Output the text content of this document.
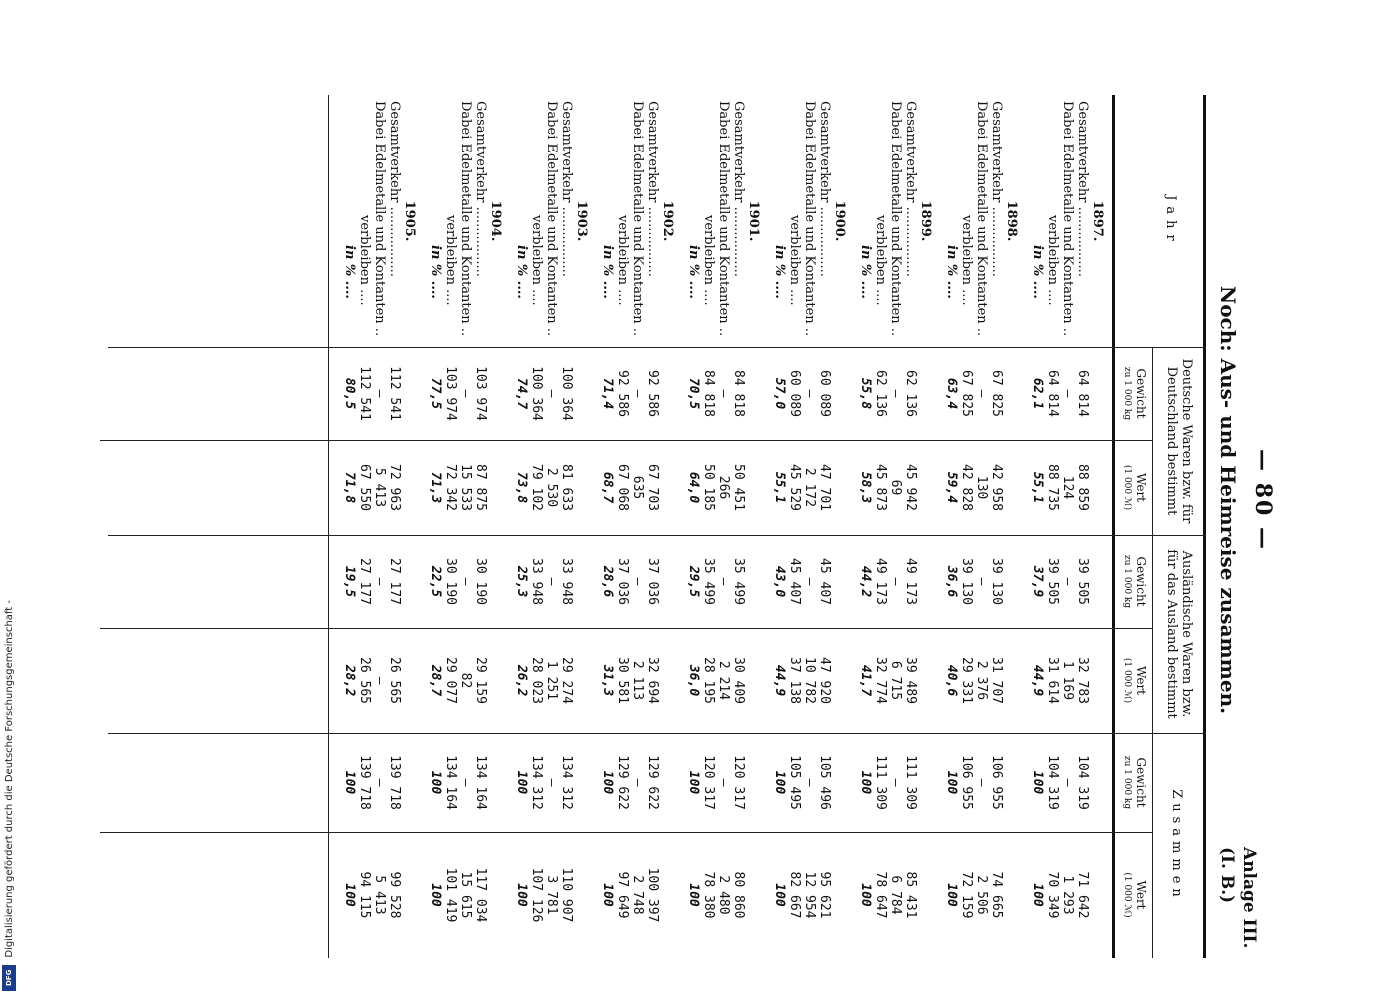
— 80 —
Anlage III.
(I. B.)
Noch: Aus- und Heimreise zusammen.
Jahr
Deutsche Waren bzw. für Deutschland bestimmt
Ausländische Waren bzw. für das Ausland bestimmt
Zusammen
Gewicht
zu 1 000 kg
Wert
(1 000 ℳ)
Gewicht
zu 1 000 kg
Wert
(1 000 ℳ)
Gewicht
zu 1 000 kg
Wert
(1 000 ℳ)
1897.
Gesamtverkehr .................
64 814
88 859
39 505
32 783
104 319
71 642
Dabei Edelmetalle und Kontanten ..
—
124
—
1 169
—
1 293
verbleiben ....
64 814
88 735
39 505
31 614
104 319
70 349
in % ....
62,1
55,1
37,9
44,9
100
100
1898.
Gesamtverkehr .................
67 825
42 958
39 130
31 707
106 955
74 665
Dabei Edelmetalle und Kontanten ..
—
130
—
2 376
—
2 506
verbleiben ....
67 825
42 828
39 130
29 331
106 955
72 159
in % ....
63,4
59,4
36,6
40,6
100
100
1899.
Gesamtverkehr .................
62 136
45 942
49 173
39 489
111 309
85 431
Dabei Edelmetalle und Kontanten ..
—
69
—
6 715
—
6 784
verbleiben ....
62 136
45 873
49 173
32 774
111 309
78 647
in % ....
55,8
58,3
44,2
41,7
100
100
1900.
Gesamtverkehr .................
60 089
47 701
45 407
47 920
105 496
95 621
Dabei Edelmetalle und Kontanten ..
—
2 172
—
10 782
—
12 954
verbleiben ....
60 089
45 529
45 407
37 138
105 495
82 667
in % ....
57,0
55,1
43,0
44,9
100
100
1901.
Gesamtverkehr .................
84 818
50 451
35 499
30 409
120 317
80 860
Dabei Edelmetalle und Kontanten ..
—
266
—
2 214
—
2 480
verbleiben ....
84 818
50 185
35 499
28 195
120 317
78 380
in % ....
70,5
64,0
29,5
36,0
100
100
1902.
Gesamtverkehr .................
92 586
67 703
37 036
32 694
129 622
100 397
Dabei Edelmetalle und Kontanten ..
—
635
—
2 113
—
2 748
verbleiben ....
92 586
67 068
37 036
30 581
129 622
97 649
in % ....
71,4
68,7
28,6
31,3
100
100
1903.
Gesamtverkehr .................
100 364
81 633
33 948
29 274
134 312
110 907
Dabei Edelmetalle und Kontanten ..
—
2 530
—
1 251
—
3 781
verbleiben ....
100 364
79 102
33 948
28 023
134 312
107 126
in % ....
74,7
73,8
25,3
26,2
100
100
1904.
Gesamtverkehr .................
103 974
87 875
30 190
29 159
134 164
117 034
Dabei Edelmetalle und Kontanten ..
—
15 533
—
82
—
15 615
verbleiben ....
103 974
72 342
30 190
29 077
134 164
101 419
in % ....
77,5
71,3
22,5
28,7
100
100
1905.
Gesamtverkehr .................
112 541
72 963
27 177
26 565
139 718
99 528
Dabei Edelmetalle und Kontanten ..
—
5 413
—
—
—
5 413
verbleiben ....
112 541
67 550
27 177
26 565
139 718
94 115
in % ....
80,5
71,8
19,5
28,2
100
100
Digitalisierung gefördert durch die Deutsche Forschungsgemeinschaft -
DFG
